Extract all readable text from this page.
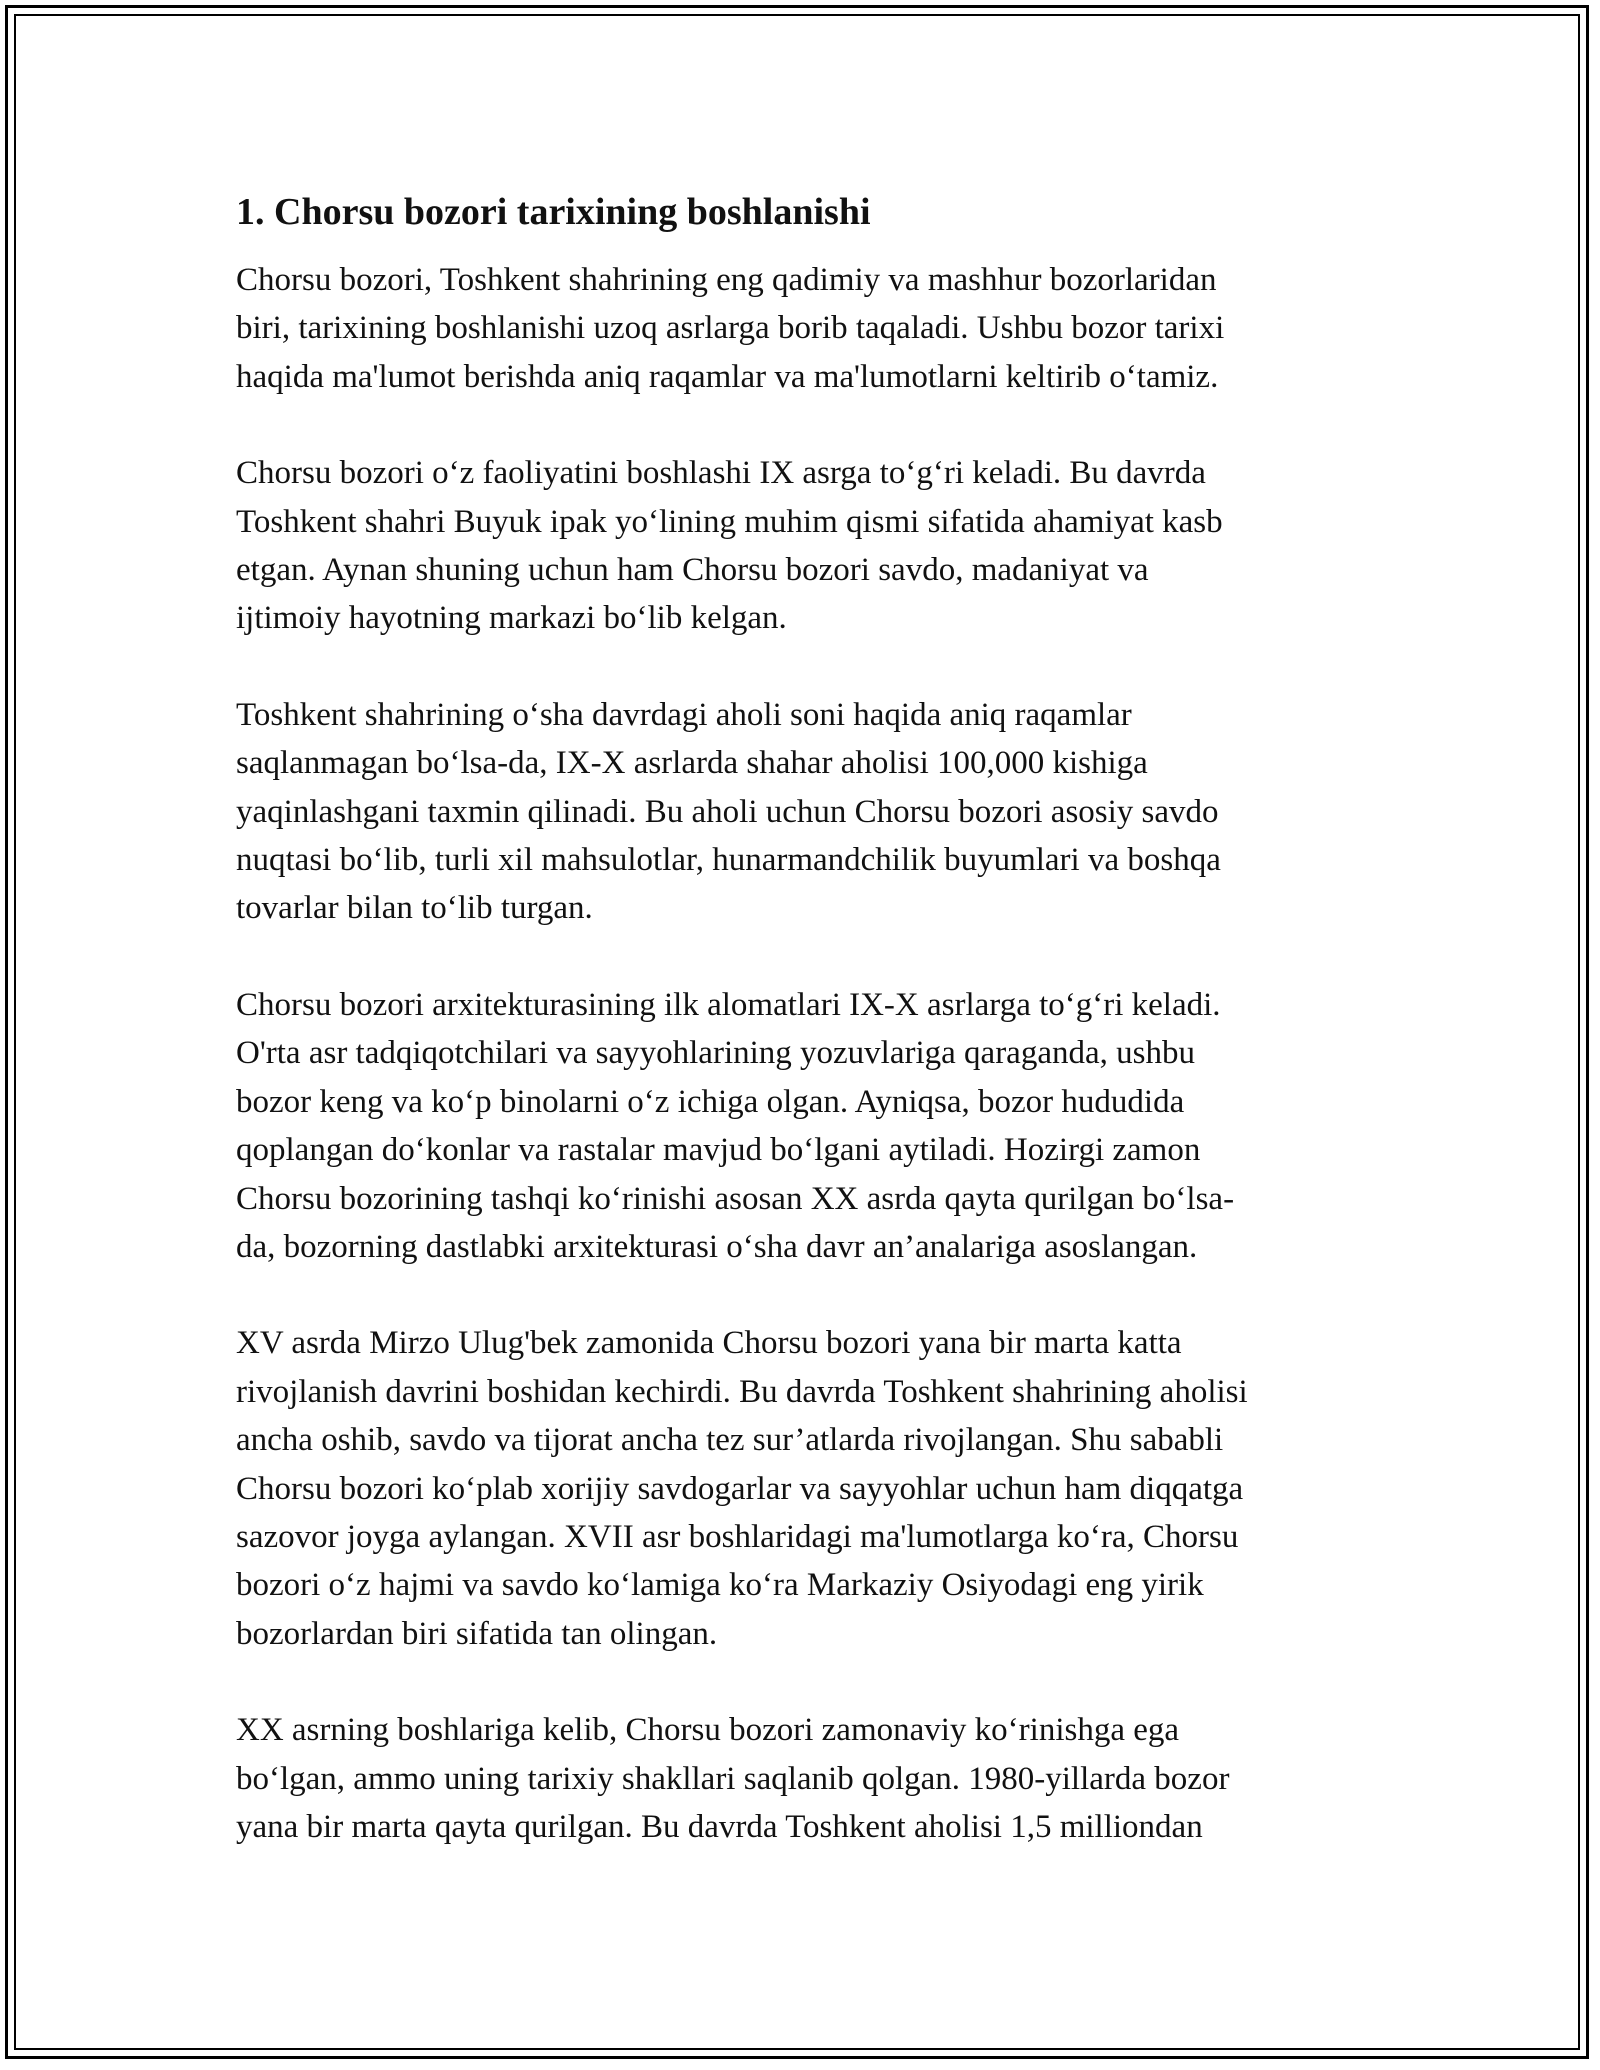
1. Chorsu bozori tarixining boshlanishi

Chorsu bozori, Toshkent shahrining eng qadimiy va mashhur bozorlaridan
biri, tarixining boshlanishi uzoq asrlarga borib taqaladi. Ushbu bozor tarixi
haqida ma'lumot berishda aniq raqamlar va ma'lumotlarni keltirib o‘tamiz.

Chorsu bozori o‘z faoliyatini boshlashi IX asrga to‘g‘ri keladi. Bu davrda
Toshkent shahri Buyuk ipak yo‘lining muhim qismi sifatida ahamiyat kasb
etgan. Aynan shuning uchun ham Chorsu bozori savdo, madaniyat va
ijtimoiy hayotning markazi bo‘lib kelgan.

Toshkent shahrining o‘sha davrdagi aholi soni haqida aniq raqamlar
saqlanmagan bo‘lsa-da, IX-X asrlarda shahar aholisi 100,000 kishiga
yaqinlashgani taxmin qilinadi. Bu aholi uchun Chorsu bozori asosiy savdo
nuqtasi bo‘lib, turli xil mahsulotlar, hunarmandchilik buyumlari va boshqa
tovarlar bilan to‘lib turgan.

Chorsu bozori arxitekturasining ilk alomatlari IX-X asrlarga to‘g‘ri keladi.
O'rta asr tadqiqotchilari va sayyohlarining yozuvlariga qaraganda, ushbu
bozor keng va ko‘p binolarni o‘z ichiga olgan. Ayniqsa, bozor hududida
qoplangan do‘konlar va rastalar mavjud bo‘lgani aytiladi. Hozirgi zamon
Chorsu bozorining tashqi ko‘rinishi asosan XX asrda qayta qurilgan bo‘lsa-
da, bozorning dastlabki arxitekturasi o‘sha davr an’analariga asoslangan.

XV asrda Mirzo Ulug'bek zamonida Chorsu bozori yana bir marta katta
rivojlanish davrini boshidan kechirdi. Bu davrda Toshkent shahrining aholisi
ancha oshib, savdo va tijorat ancha tez sur’atlarda rivojlangan. Shu sababli
Chorsu bozori ko‘plab xorijiy savdogarlar va sayyohlar uchun ham diqqatga
sazovor joyga aylangan. XVII asr boshlaridagi ma'lumotlarga ko‘ra, Chorsu
bozori o‘z hajmi va savdo ko‘lamiga ko‘ra Markaziy Osiyodagi eng yirik
bozorlardan biri sifatida tan olingan.

XX asrning boshlariga kelib, Chorsu bozori zamonaviy ko‘rinishga ega
bo‘lgan, ammo uning tarixiy shakllari saqlanib qolgan. 1980-yillarda bozor
yana bir marta qayta qurilgan. Bu davrda Toshkent aholisi 1,5 milliondan
